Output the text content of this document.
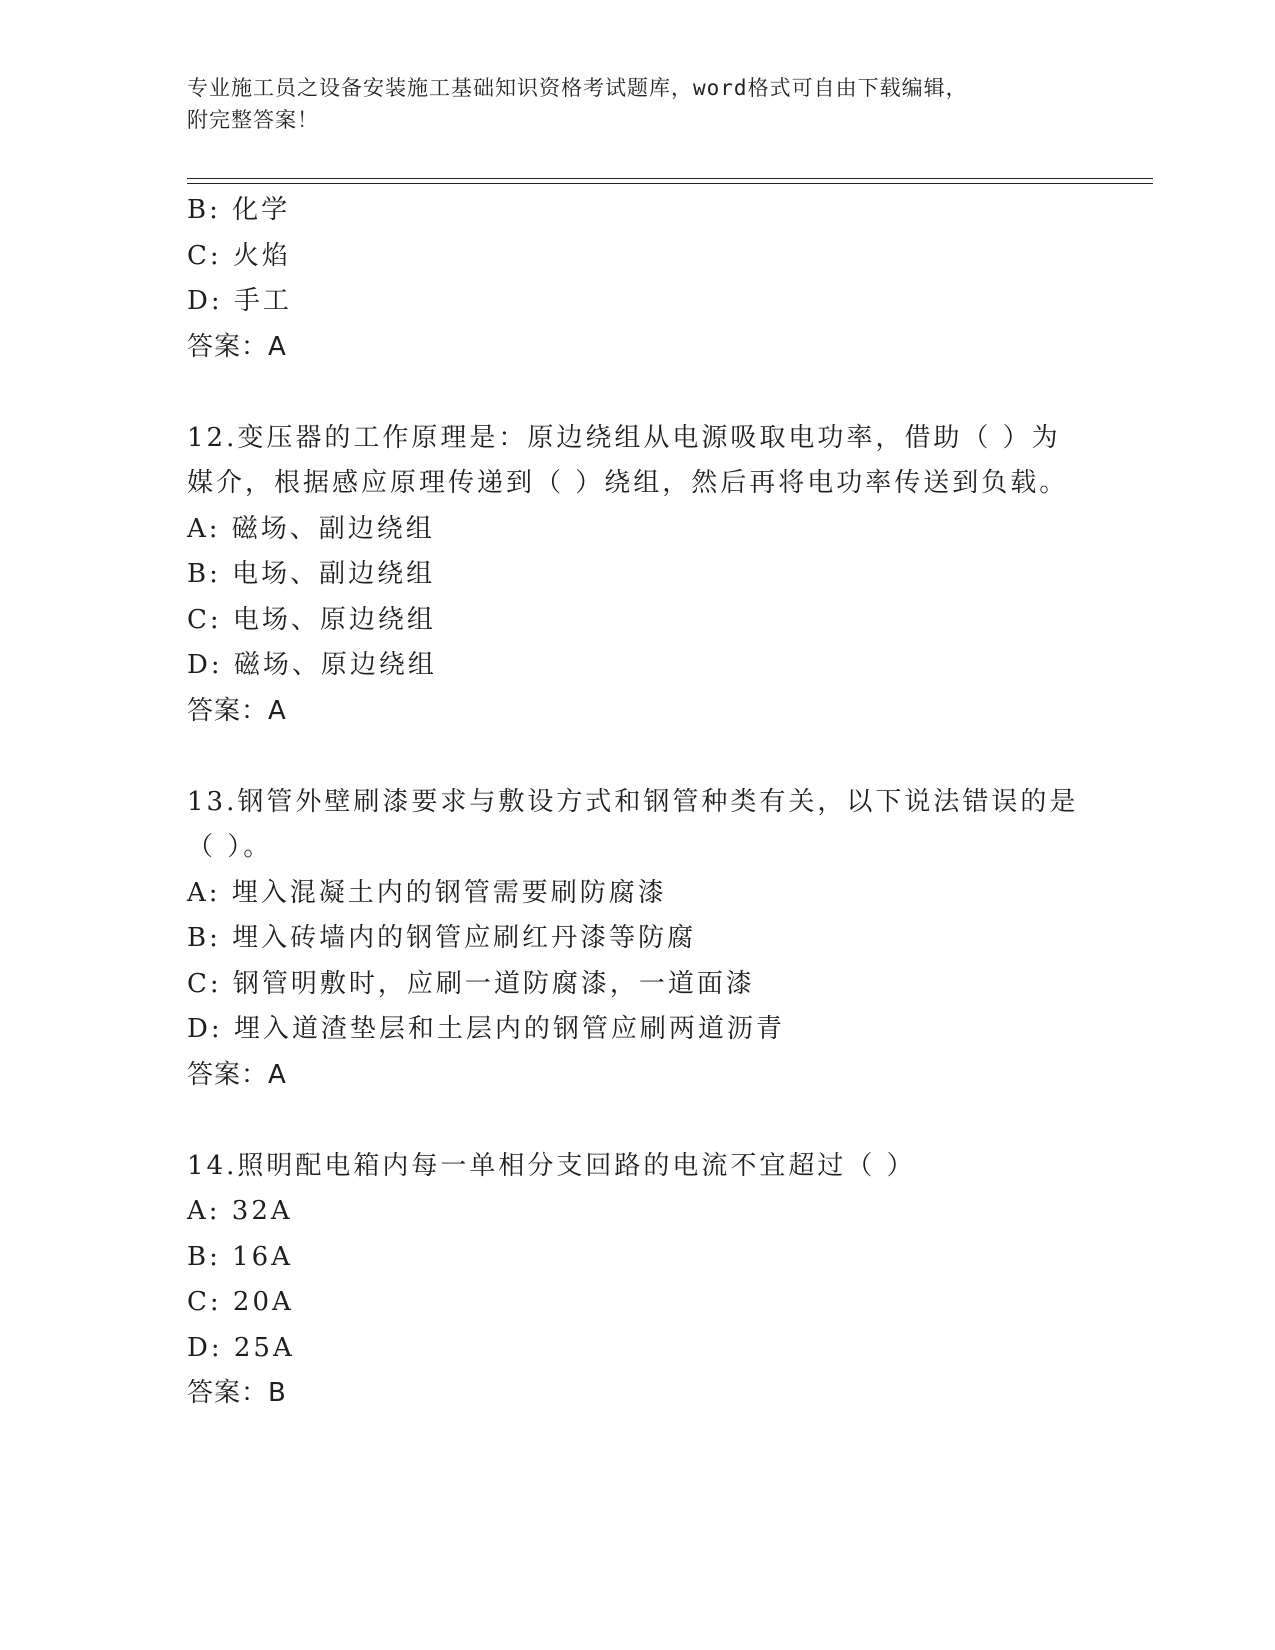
专业施工员之设备安装施工基础知识资格考试题库，word格式可自由下载编辑，
附完整答案！
B: 化学
C: 火焰
D: 手工
答案：A
12.变压器的工作原理是：原边绕组从电源吸取电功率，借助（ ）为
媒介，根据感应原理传递到（ ）绕组，然后再将电功率传送到负载。
A: 磁场、副边绕组
B: 电场、副边绕组
C: 电场、原边绕组
D: 磁场、原边绕组
答案：A
13.钢管外壁刷漆要求与敷设方式和钢管种类有关，以下说法错误的是
（ ）。
A: 埋入混凝土内的钢管需要刷防腐漆
B: 埋入砖墙内的钢管应刷红丹漆等防腐
C: 钢管明敷时，应刷一道防腐漆，一道面漆
D: 埋入道渣垫层和土层内的钢管应刷两道沥青
答案：A
14.照明配电箱内每一单相分支回路的电流不宜超过（ ）
A: 32A
B: 16A
C: 20A
D: 25A
答案：B
